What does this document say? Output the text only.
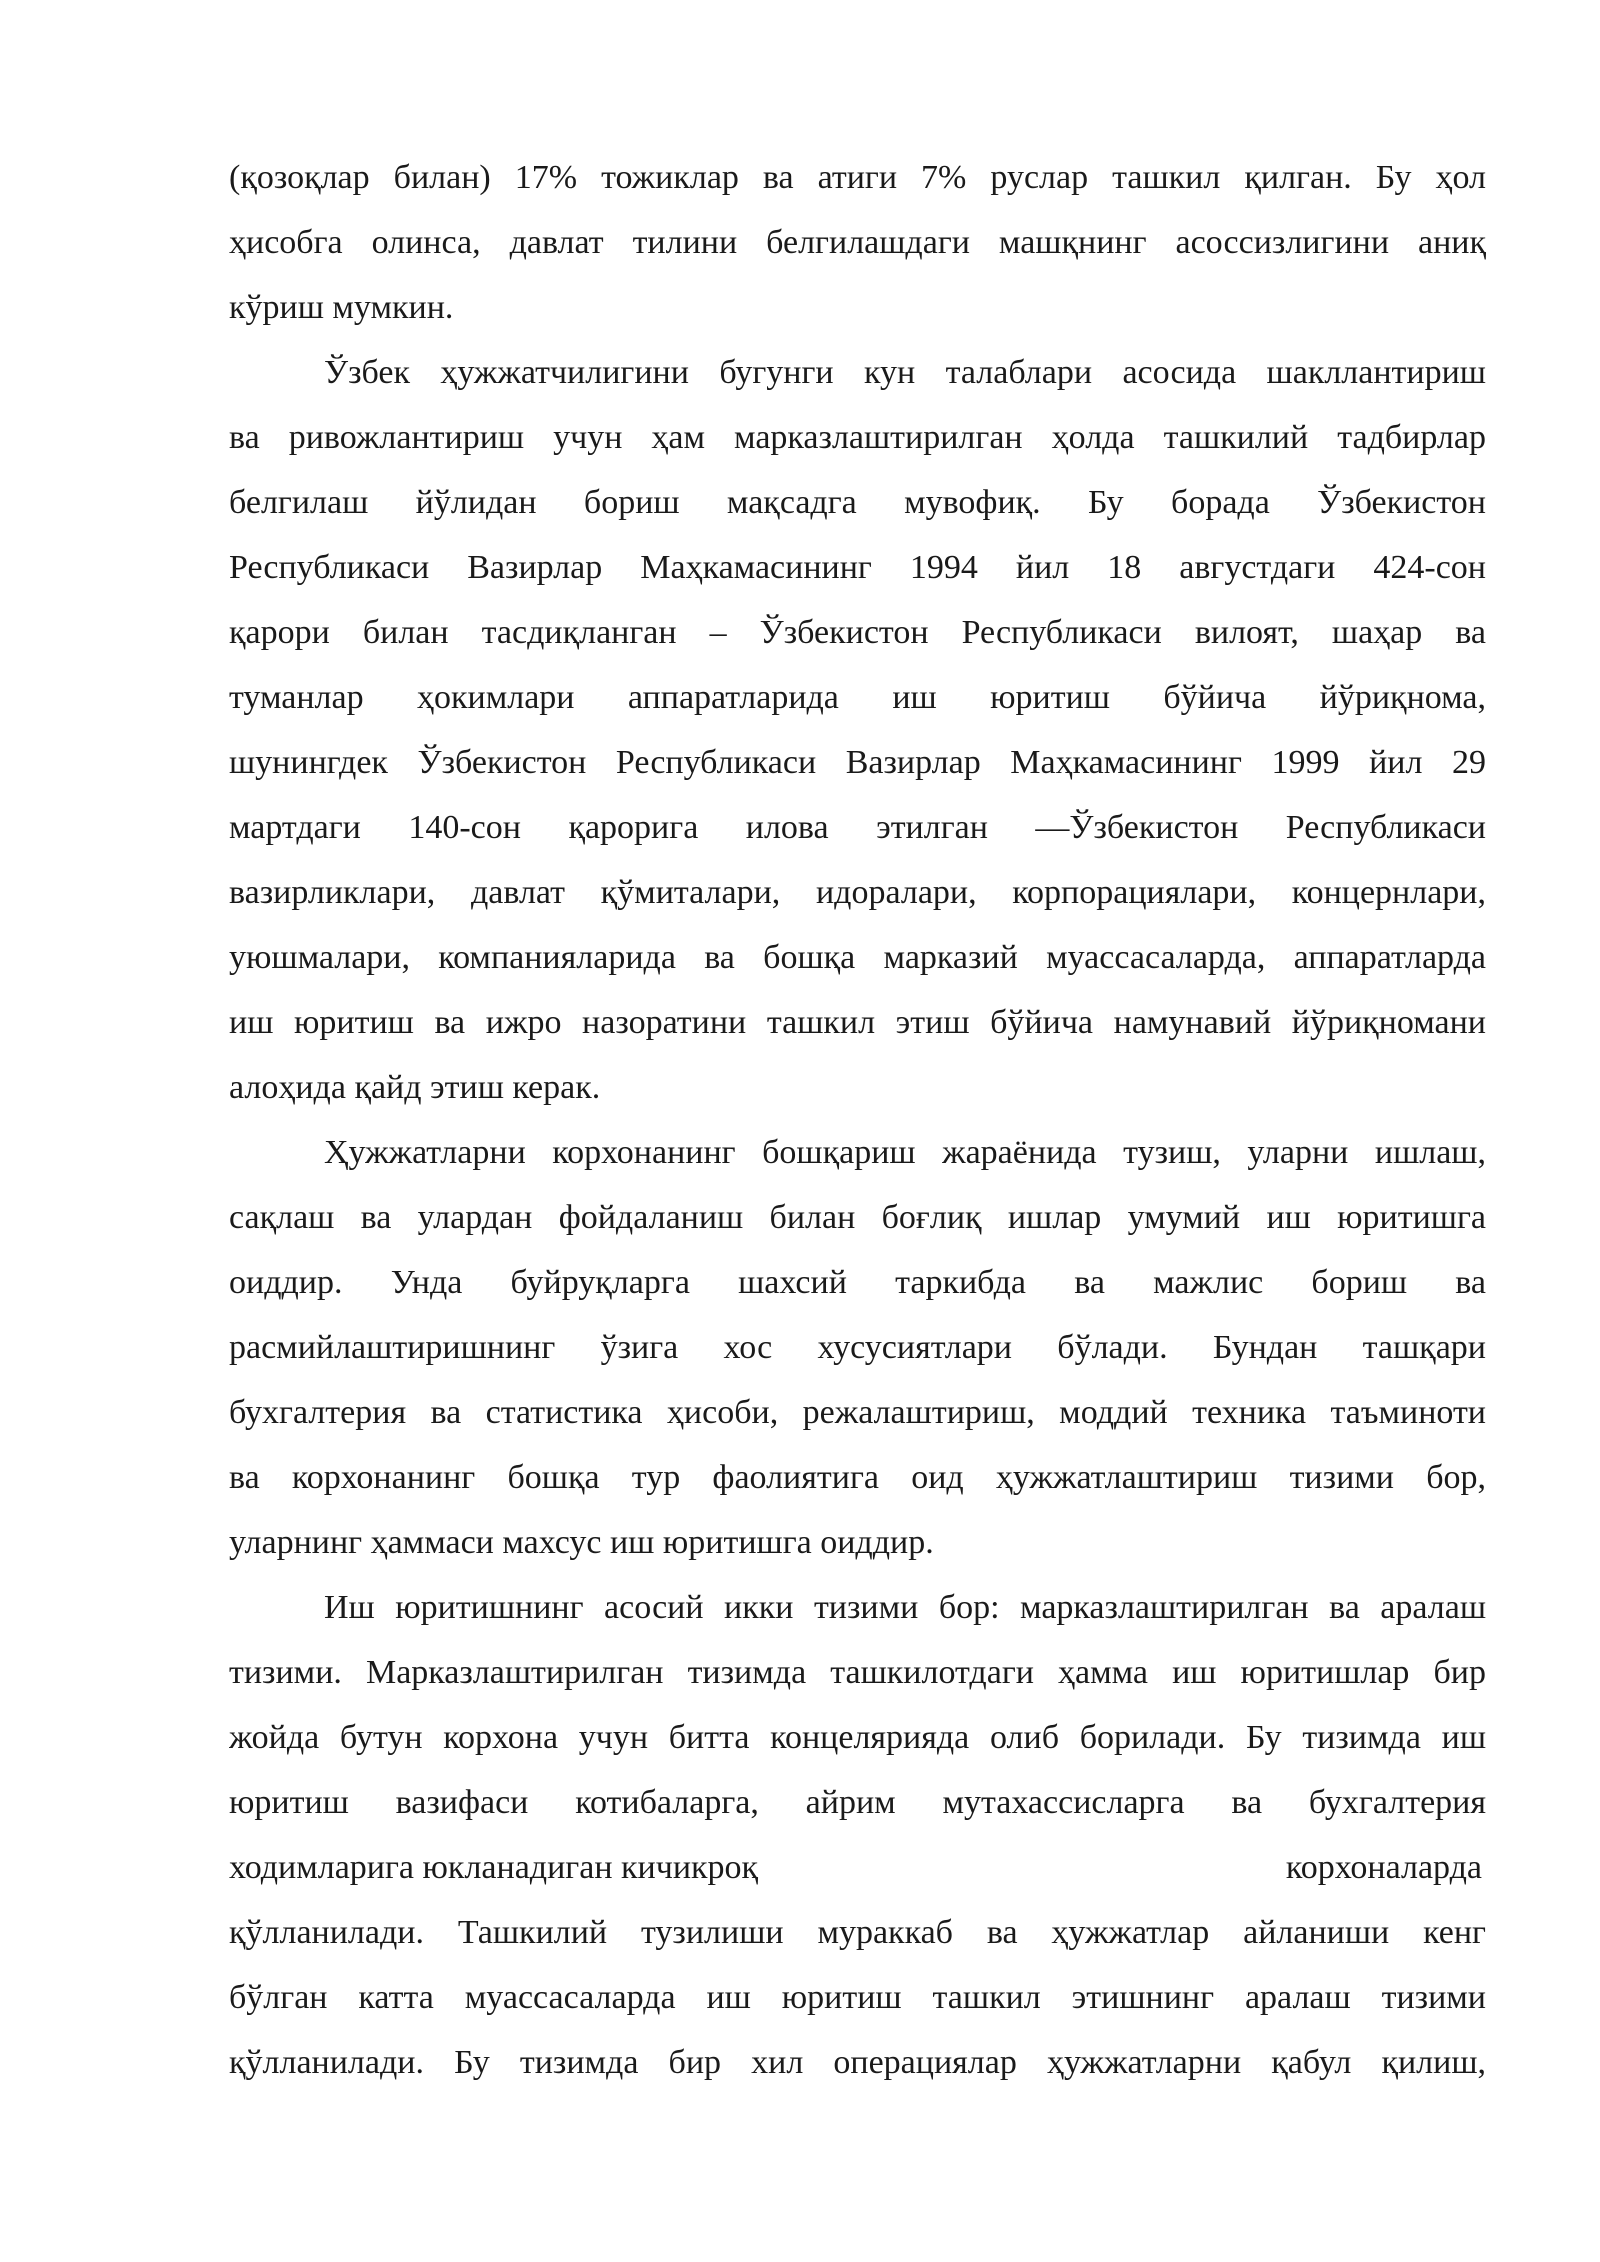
(қозоқлар билан) 17% тожиклар ва атиги 7% руслар ташкил қилган. Бу ҳол
ҳисобга олинса, давлат тилини белгилашдаги машқнинг асоссизлигини аниқ
кўриш мумкин.
Ўзбек ҳужжатчилигини бугунги кун талаблари асосида шакллантириш
ва ривожлантириш учун ҳам марказлаштирилган ҳолда ташкилий тадбирлар
белгилаш йўлидан бориш мақсадга мувофиқ. Бу борада Ўзбекистон
Республикаси Вазирлар Маҳкамасининг 1994 йил 18 августдаги 424-сон
қарори билан тасдиқланган – Ўзбекистон Республикаси вилоят, шаҳар ва
туманлар ҳокимлари аппаратларида иш юритиш бўйича йўриқнома,
шунингдек Ўзбекистон Республикаси Вазирлар Маҳкамасининг 1999 йил 29
мартдаги 140-сон қарорига илова этилган ―Ўзбекистон Республикаси
вазирликлари, давлат қўмиталари, идоралари, корпорациялари, концернлари,
уюшмалари, компанияларида ва бошқа марказий муассасаларда, аппаратларда
иш юритиш ва ижро назоратини ташкил этиш бўйича намунавий йўриқномани
алоҳида қайд этиш керак.
Ҳужжатларни корхонанинг бошқариш жараёнида тузиш, уларни ишлаш,
сақлаш ва улардан фойдаланиш билан боғлиқ ишлар умумий иш юритишга
оиддир. Унда буйруқларга шахсий таркибда ва мажлис бориш ва
расмийлаштиришнинг ўзига хос хусусиятлари бўлади. Бундан ташқари
бухгалтерия ва статистика ҳисоби, режалаштириш, моддий техника таъминоти
ва корхонанинг бошқа тур фаолиятига оид ҳужжатлаштириш тизими бор,
уларнинг ҳаммаси махсус иш юритишга оиддир.
Иш юритишнинг асосий икки тизими бор: марказлаштирилган ва аралаш
тизими. Марказлаштирилган тизимда ташкилотдаги ҳамма иш юритишлар бир
жойда бутун корхона учун битта концелярияда олиб борилади. Бу тизимда иш
юритиш вазифаси котибаларга, айрим мутахассисларга ва бухгалтерия
ходимларига юкланадиган кичикроқ	корхоналарда
қўлланилади. Ташкилий тузилиши мураккаб ва ҳужжатлар айланиши кенг
бўлган катта муассасаларда иш юритиш ташкил этишнинг аралаш тизими
қўлланилади. Бу тизимда бир хил операциялар ҳужжатларни қабул қилиш,
